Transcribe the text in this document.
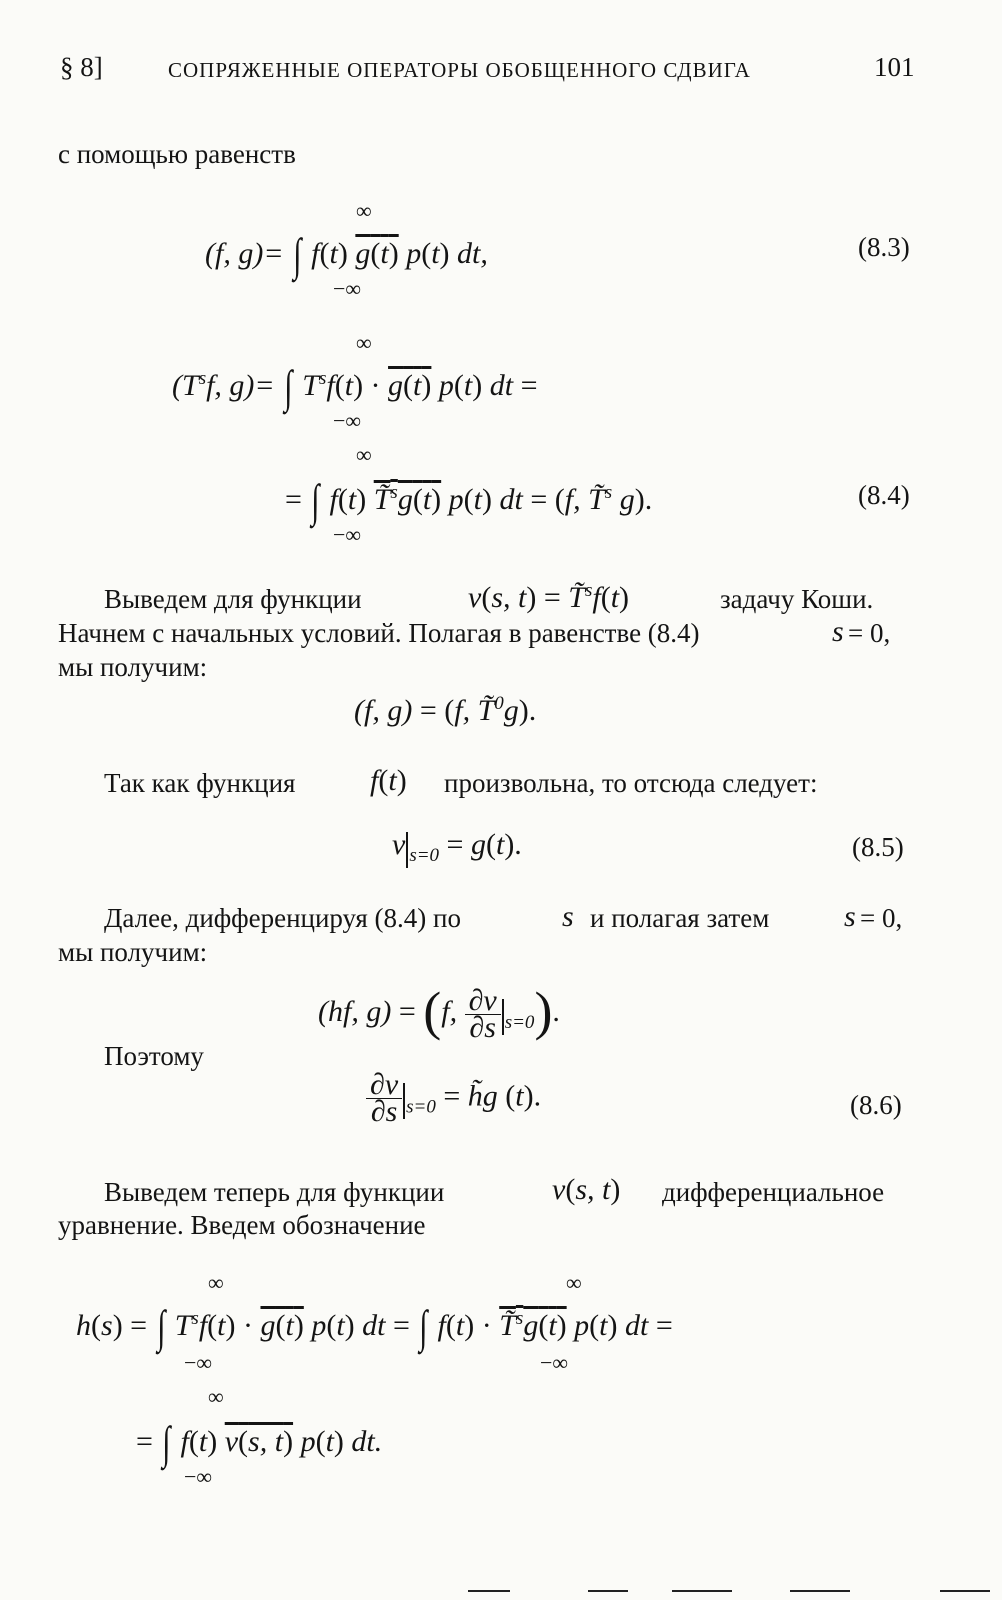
§ 8]	СОПРЯЖЕННЫЕ ОПЕРАТОРЫ ОБОБЩЕННОГО СДВИГА	101
с помощью равенств
∞
(f, g)= ∫ f(t) g(t) p(t) dt,
−∞
(8.3)
∞
($T^sf$, g)= ∫ $T^sf(t) \cdot g(t)$ p(t) dt =
−∞
∞
= ∫ f(t) T̃$^s$g(t) p(t) dt = (f, T̃$^s$ g).
−∞
(8.4)
Выведем для функции	v(s, t) = T̃$^s$f(t)	задачу Коши.
Начнем с начальных условий. Полагая в равенстве (8.4)	s = 0,
мы получим:
(f, g) = (f, T̃$^0$g).
Так как функция f(t) произвольна, то отсюда следует:
v $_{s=0}$ = g(t).	(8.5)
Далее, дифференцируя (8.4) по	s и полагая затем s = 0,
мы получим:
(hf, g) = (f, $\frac{\partial v}{\partial s} _{s=0}$).
Поэтому
$\frac{\partial v}{\partial s} _{s=0}$ = h̃g (t).	(8.6)
Выведем теперь для функции	v(s, t) дифференциальное
уравнение. Введем обозначение
∞	∞
h(s) = ∫ $T^sf(t) \cdot g(t)$ p(t) dt = ∫ f(t) · T̃$^s$g(t) p(t) dt =
−∞	−∞
∞
= ∫ f(t) v(s, t) p(t) dt.
−∞
